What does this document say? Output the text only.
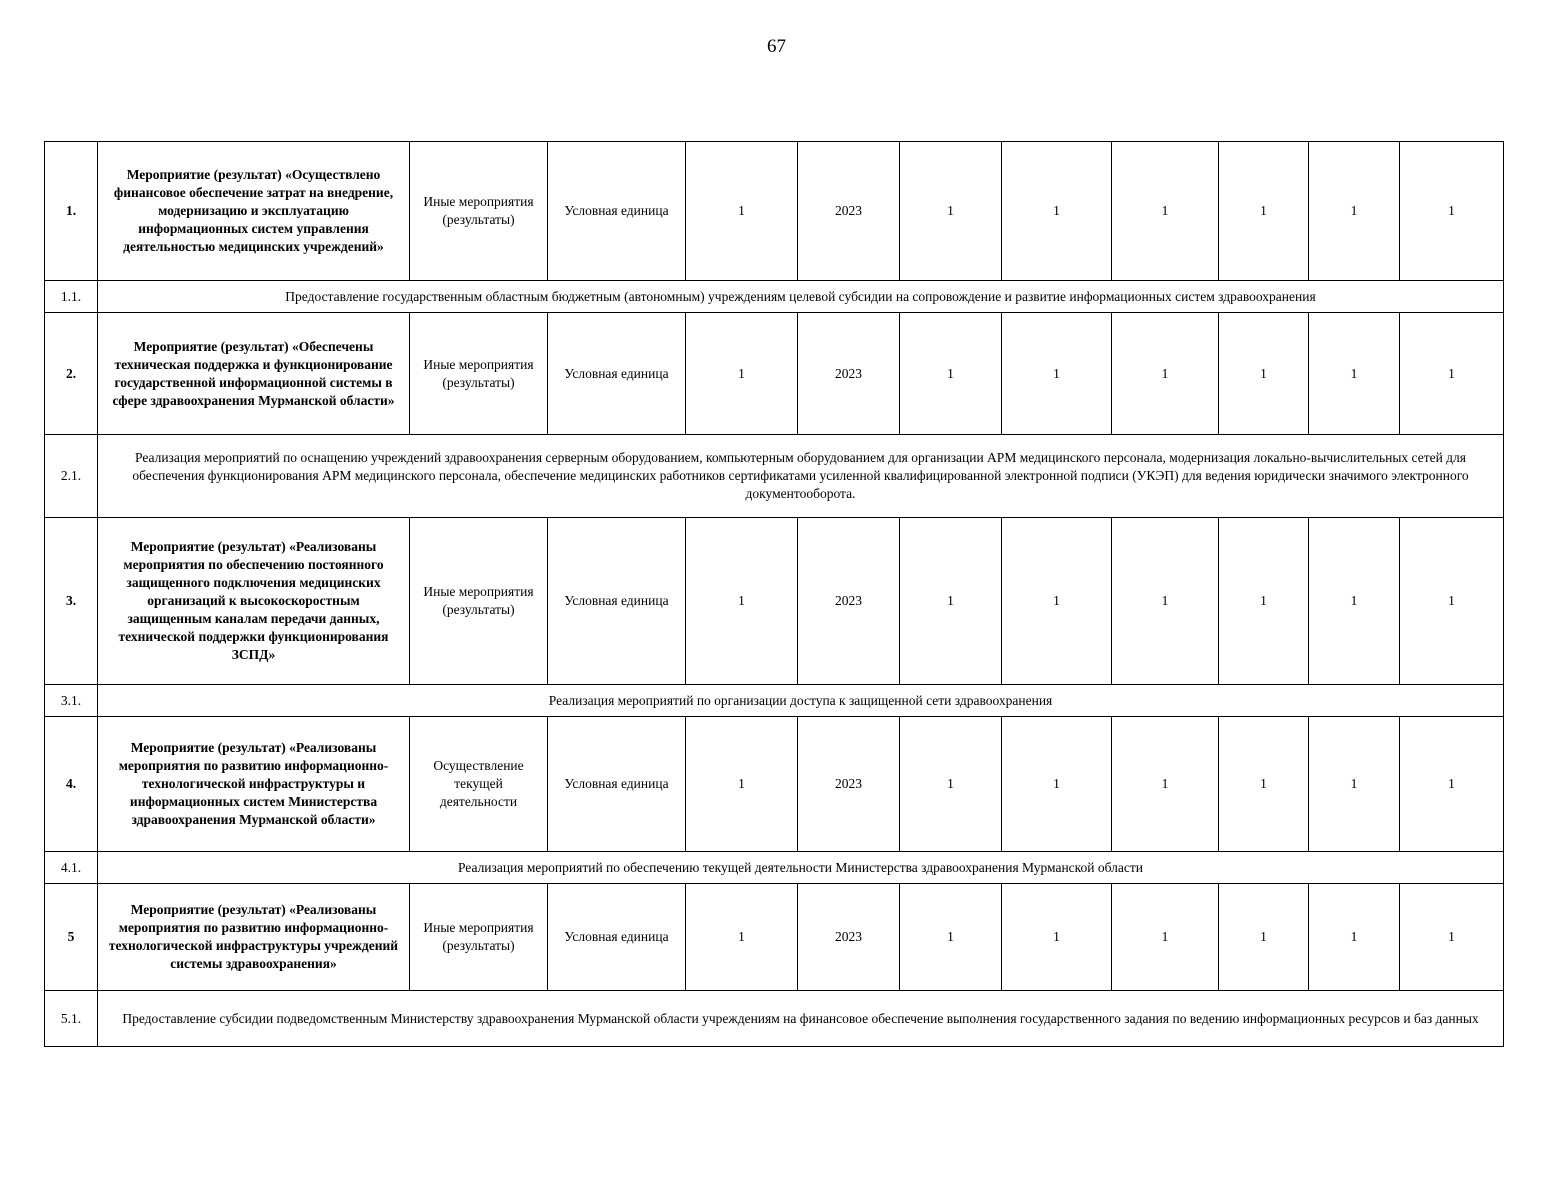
67
1.	Мероприятие (результат) «Осуществлено финансовое обеспечение затрат на внедрение, модернизацию и эксплуатацию информационных систем управления деятельностью медицинских учреждений»	Иные мероприятия (результаты)	Условная единица	1	2023	1	1	1	1	1	1
1.1.	Предоставление государственным областным бюджетным (автономным) учреждениям целевой субсидии на сопровождение и развитие информационных систем здравоохранения										
2.	Мероприятие (результат) «Обеспечены техническая поддержка и функционирование государственной информационной системы в сфере здравоохранения Мурманской области»	Иные мероприятия (результаты)	Условная единица	1	2023	1	1	1	1	1	1
2.1.	Реализация мероприятий по оснащению учреждений здравоохранения серверным оборудованием, компьютерным оборудованием для организации АРМ медицинского персонала, модернизация локально-вычислительных сетей для обеспечения функционирования АРМ медицинского персонала, обеспечение медицинских работников сертификатами усиленной квалифицированной электронной подписи (УКЭП) для ведения юридически значимого электронного документооборота.										
3.	Мероприятие (результат) «Реализованы мероприятия по обеспечению постоянного защищенного подключения медицинских организаций к высокоскоростным защищенным каналам передачи данных, технической поддержки функционирования ЗСПД»	Иные мероприятия (результаты)	Условная единица	1	2023	1	1	1	1	1	1
3.1.	Реализация мероприятий по организации доступа к защищенной сети здравоохранения										
4.	Мероприятие (результат) «Реализованы мероприятия по развитию информационно-технологической инфраструктуры и информационных систем Министерства здравоохранения Мурманской области»	Осуществление текущей деятельности	Условная единица	1	2023	1	1	1	1	1	1
4.1.	Реализация мероприятий по обеспечению текущей деятельности Министерства здравоохранения Мурманской области										
5	Мероприятие (результат) «Реализованы мероприятия по развитию информационно-технологической инфраструктуры учреждений системы здравоохранения»	Иные мероприятия (результаты)	Условная единица	1	2023	1	1	1	1	1	1
5.1.	Предоставление субсидии подведомственным Министерству здравоохранения Мурманской области учреждениям на финансовое обеспечение выполнения государственного задания по ведению информационных ресурсов и баз данных										
